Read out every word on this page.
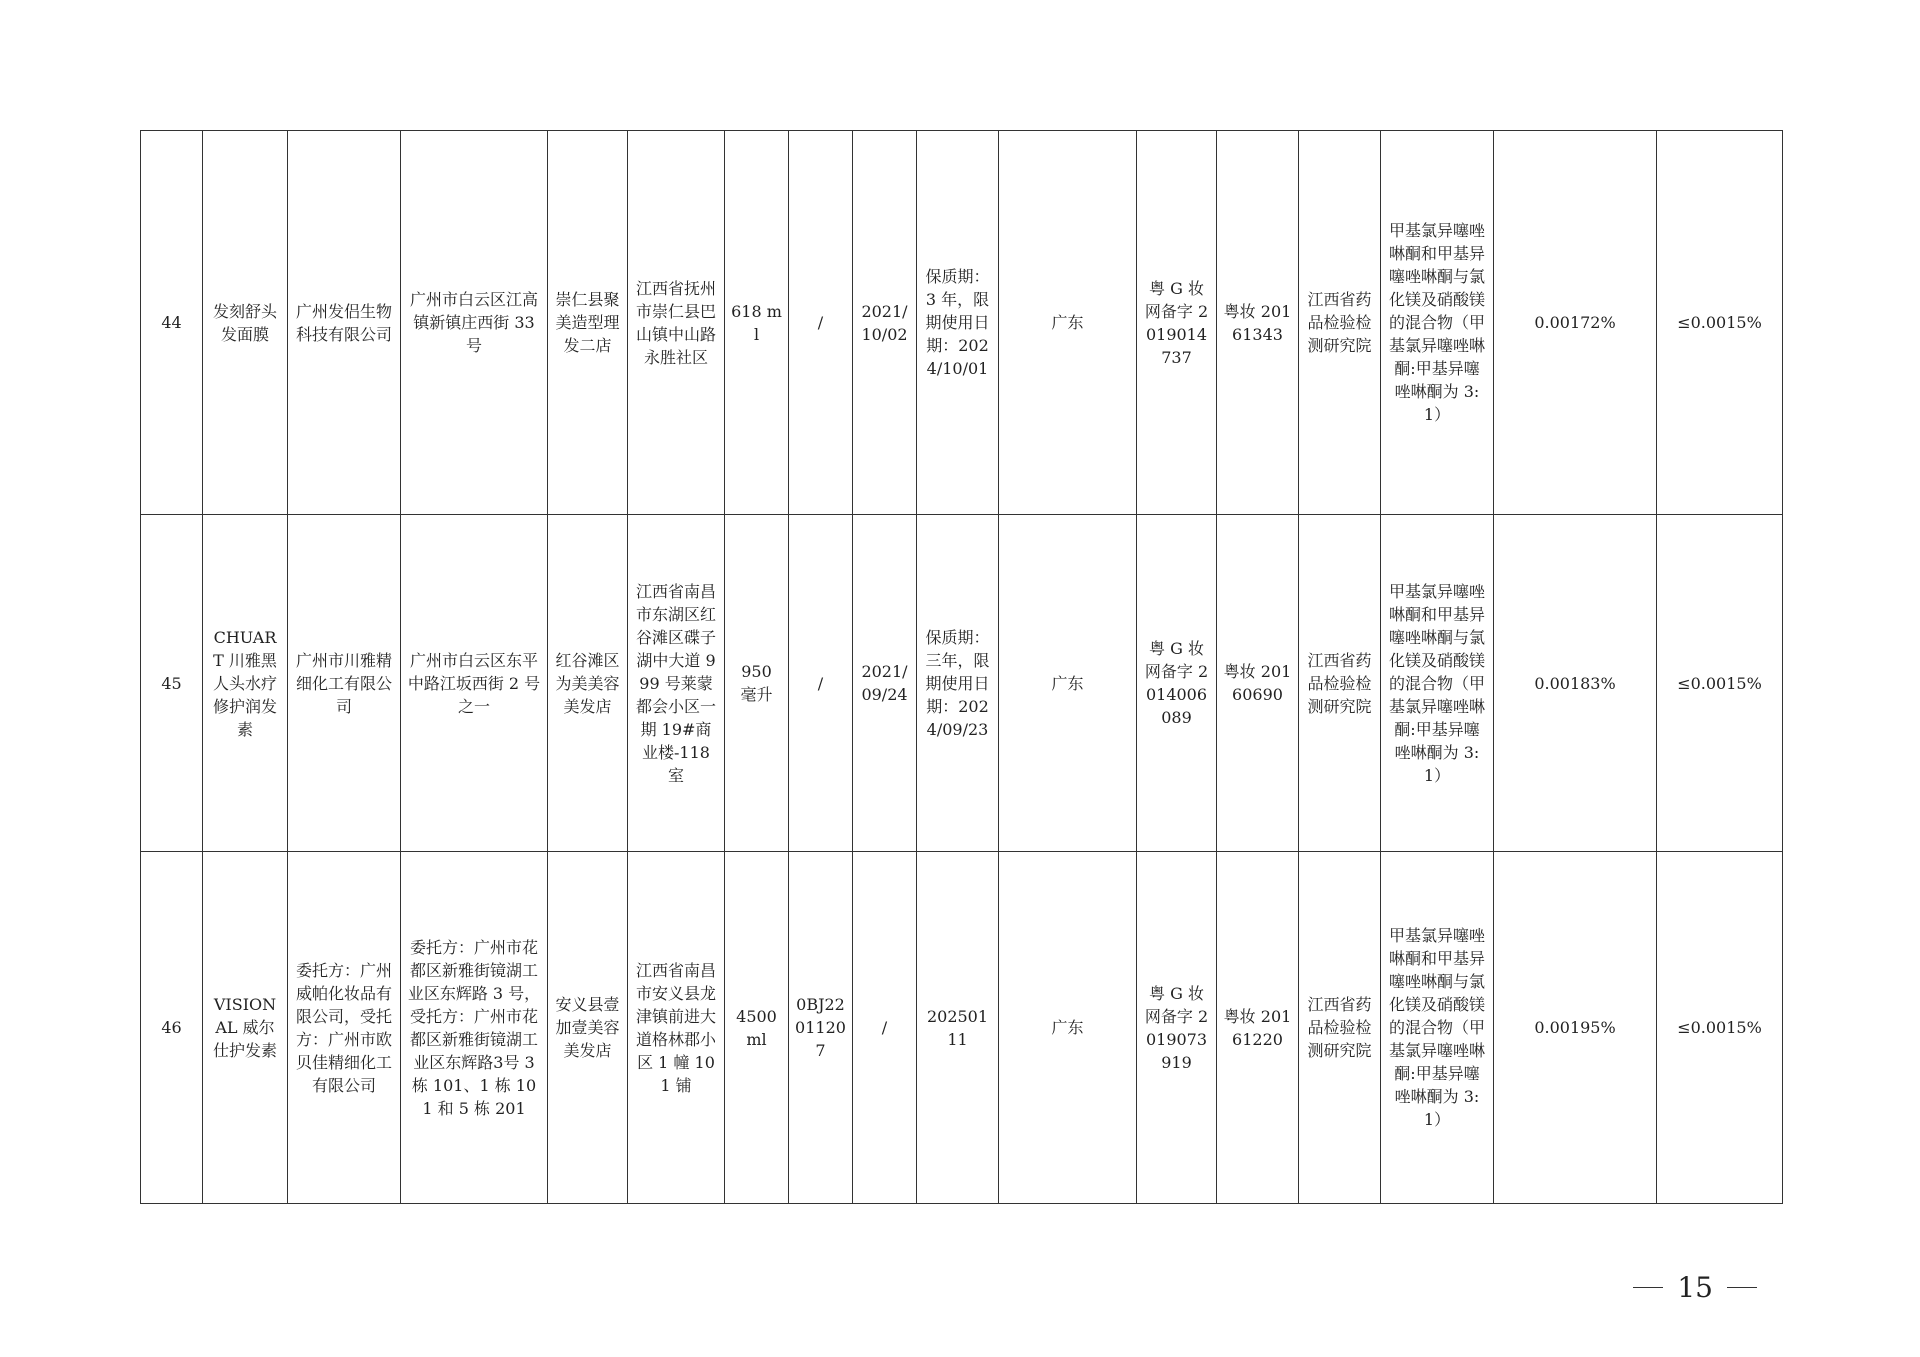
44	发刻舒头发面膜	广州发侣生物科技有限公司	广州市白云区江高镇新镇庄西街 33 号	崇仁县聚美造型理发二店	江西省抚州市崇仁县巴山镇中山路永胜社区	618 ml	/	2021/10/02	保质期：3 年，限期使用日期：2024/10/01	广东	粤 G 妆网备字 2019014737	粤妆 20161343	江西省药品检验检测研究院	甲基氯异噻唑啉酮和甲基异噻唑啉酮与氯化镁及硝酸镁的混合物（甲基氯异噻唑啉酮:甲基异噻唑啉酮为 3:1）	0.00172%	≤0.0015%
45	CHUART 川雅黑人头水疗修护润发素	广州市川雅精细化工有限公司	广州市白云区东平中路江坂西街 2 号之一	红谷滩区为美美容美发店	江西省南昌市东湖区红谷滩区碟子湖中大道 999 号莱蒙都会小区一期 19#商业楼-118 室	950 毫升	/	2021/09/24	保质期：三年，限期使用日期：2024/09/23	广东	粤 G 妆网备字 2014006089	粤妆 20160690	江西省药品检验检测研究院	甲基氯异噻唑啉酮和甲基异噻唑啉酮与氯化镁及硝酸镁的混合物（甲基氯异噻唑啉酮:甲基异噻唑啉酮为 3:1）	0.00183%	≤0.0015%
46	VISIONAL 威尔仕护发素	委托方：广州威帕化妆品有限公司，受托方：广州市欧贝佳精细化工有限公司	委托方：广州市花都区新雅街镜湖工业区东辉路 3 号，受托方：广州市花都区新雅街镜湖工业区东辉路3号 3 栋 101、1 栋 101 和 5 栋 201	安义县壹加壹美容美发店	江西省南昌市安义县龙津镇前进大道格林郡小区 1 幢 101 铺	4500 ml	0BJ22011207	/	20250111	广东	粤 G 妆网备字 2019073919	粤妆 20161220	江西省药品检验检测研究院	甲基氯异噻唑啉酮和甲基异噻唑啉酮与氯化镁及硝酸镁的混合物（甲基氯异噻唑啉酮:甲基异噻唑啉酮为 3:1）	0.00195%	≤0.0015%
15
